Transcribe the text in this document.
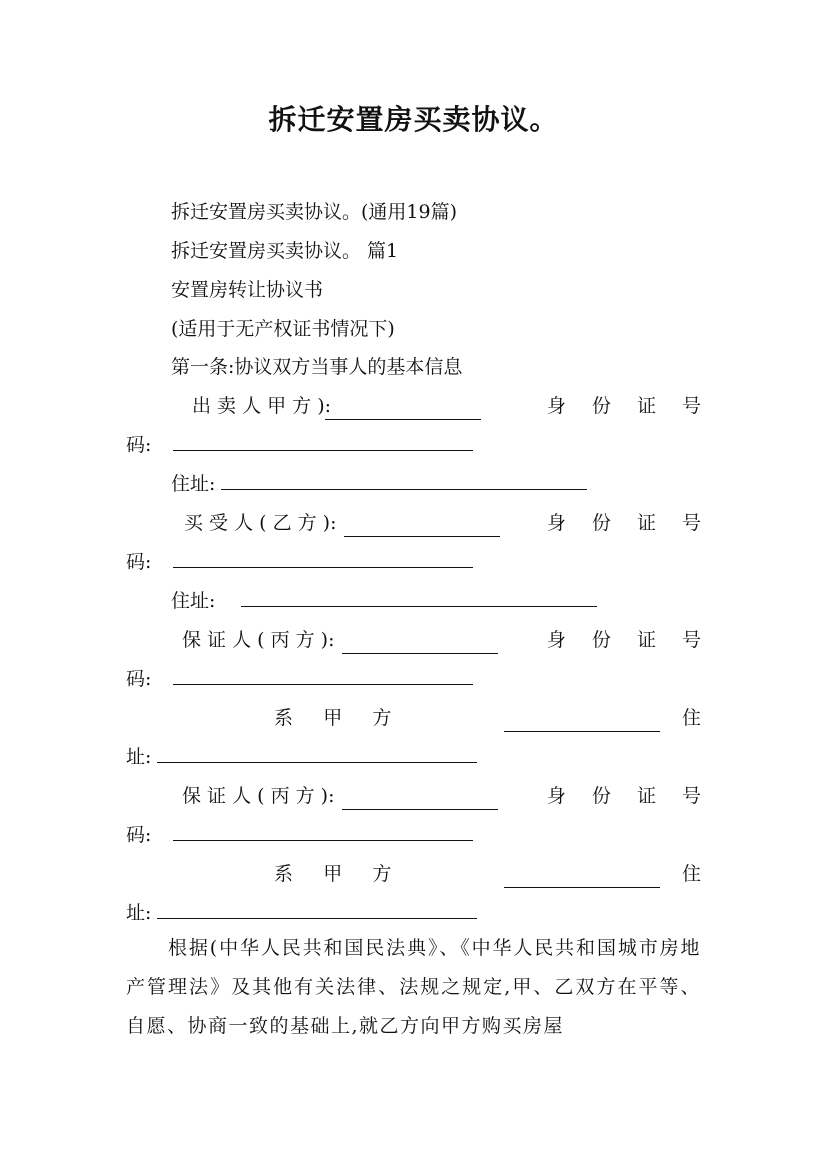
拆迁安置房买卖协议。
拆迁安置房买卖协议。(通用19篇)
拆迁安置房买卖协议。 篇1
安置房转让协议书
(适用于无产权证书情况下)
第一条:协议双方当事人的基本信息
出 卖 人 甲 方 ):	身 份 证 号
码:
住址:
买 受 人 ( 乙 方 ):	身 份 证 号
码:
住址:
保 证 人 ( 丙 方 ):	身 份 证 号
码:
系     甲     方	住
址:
保 证 人 ( 丙 方 ):	身 份 证 号
码:
系     甲     方	住
址:
根据(中华人民共和国民法典》、《中华人民共和国城市房地产管理法》及其他有关法律、法规之规定,甲、乙双方在平等、自愿、协商一致的基础上,就乙方向甲方购买房屋
